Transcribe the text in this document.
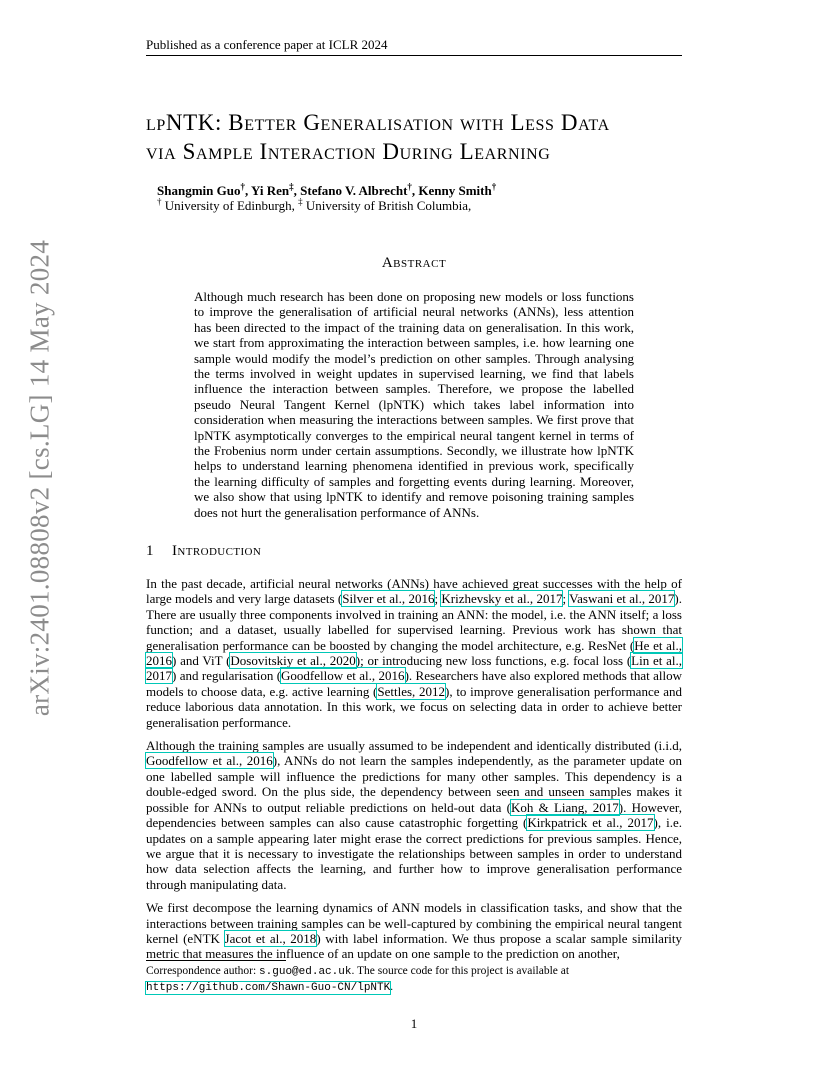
Published as a conference paper at ICLR 2024
arXiv:2401.08808v2 [cs.LG] 14 May 2024
lpNTK: Better Generalisation with Less Data
via Sample Interaction During Learning
Shangmin Guo†, Yi Ren‡, Stefano V. Albrecht†, Kenny Smith†
† University of Edinburgh, ‡ University of British Columbia,
Abstract
Although much research has been done on proposing new models or loss functions to improve the generalisation of artificial neural networks (ANNs), less attention has been directed to the impact of the training data on generalisation. In this work, we start from approximating the interaction between samples, i.e. how learning one sample would modify the model’s prediction on other samples. Through analysing the terms involved in weight updates in supervised learning, we find that labels influence the interaction between samples. Therefore, we propose the labelled pseudo Neural Tangent Kernel (lpNTK) which takes label information into consideration when measuring the interactions between samples. We first prove that lpNTK asymptotically converges to the empirical neural tangent kernel in terms of the Frobenius norm under certain assumptions. Secondly, we illustrate how lpNTK helps to understand learning phenomena identified in previous work, specifically the learning difficulty of samples and forgetting events during learning. Moreover, we also show that using lpNTK to identify and remove poisoning training samples does not hurt the generalisation performance of ANNs.
1 Introduction

In the past decade, artificial neural networks (ANNs) have achieved great successes with the help of large models and very large datasets (Silver et al., 2016; Krizhevsky et al., 2017; Vaswani et al., 2017). There are usually three components involved in training an ANN: the model, i.e. the ANN itself; a loss function; and a dataset, usually labelled for supervised learning. Previous work has shown that generalisation performance can be boosted by changing the model architecture, e.g. ResNet (He et al., 2016) and ViT (Dosovitskiy et al., 2020); or introducing new loss functions, e.g. focal loss (Lin et al., 2017) and regularisation (Goodfellow et al., 2016). Researchers have also explored methods that allow models to choose data, e.g. active learning (Settles, 2012), to improve generalisation performance and reduce laborious data annotation. In this work, we focus on selecting data in order to achieve better generalisation performance.

Although the training samples are usually assumed to be independent and identically distributed (i.i.d, Goodfellow et al., 2016), ANNs do not learn the samples independently, as the parameter update on one labelled sample will influence the predictions for many other samples. This dependency is a double-edged sword. On the plus side, the dependency between seen and unseen samples makes it possible for ANNs to output reliable predictions on held-out data (Koh & Liang, 2017). However, dependencies between samples can also cause catastrophic forgetting (Kirkpatrick et al., 2017), i.e. updates on a sample appearing later might erase the correct predictions for previous samples. Hence, we argue that it is necessary to investigate the relationships between samples in order to understand how data selection affects the learning, and further how to improve generalisation performance through manipulating data.

We first decompose the learning dynamics of ANN models in classification tasks, and show that the interactions between training samples can be well-captured by combining the empirical neural tangent kernel (eNTK Jacot et al., 2018) with label information. We thus propose a scalar sample similarity metric that measures the influence of an update on one sample to the prediction on another,

Correspondence author: s.guo@ed.ac.uk. The source code for this project is available at https://github.com/Shawn-Guo-CN/lpNTK.
1
